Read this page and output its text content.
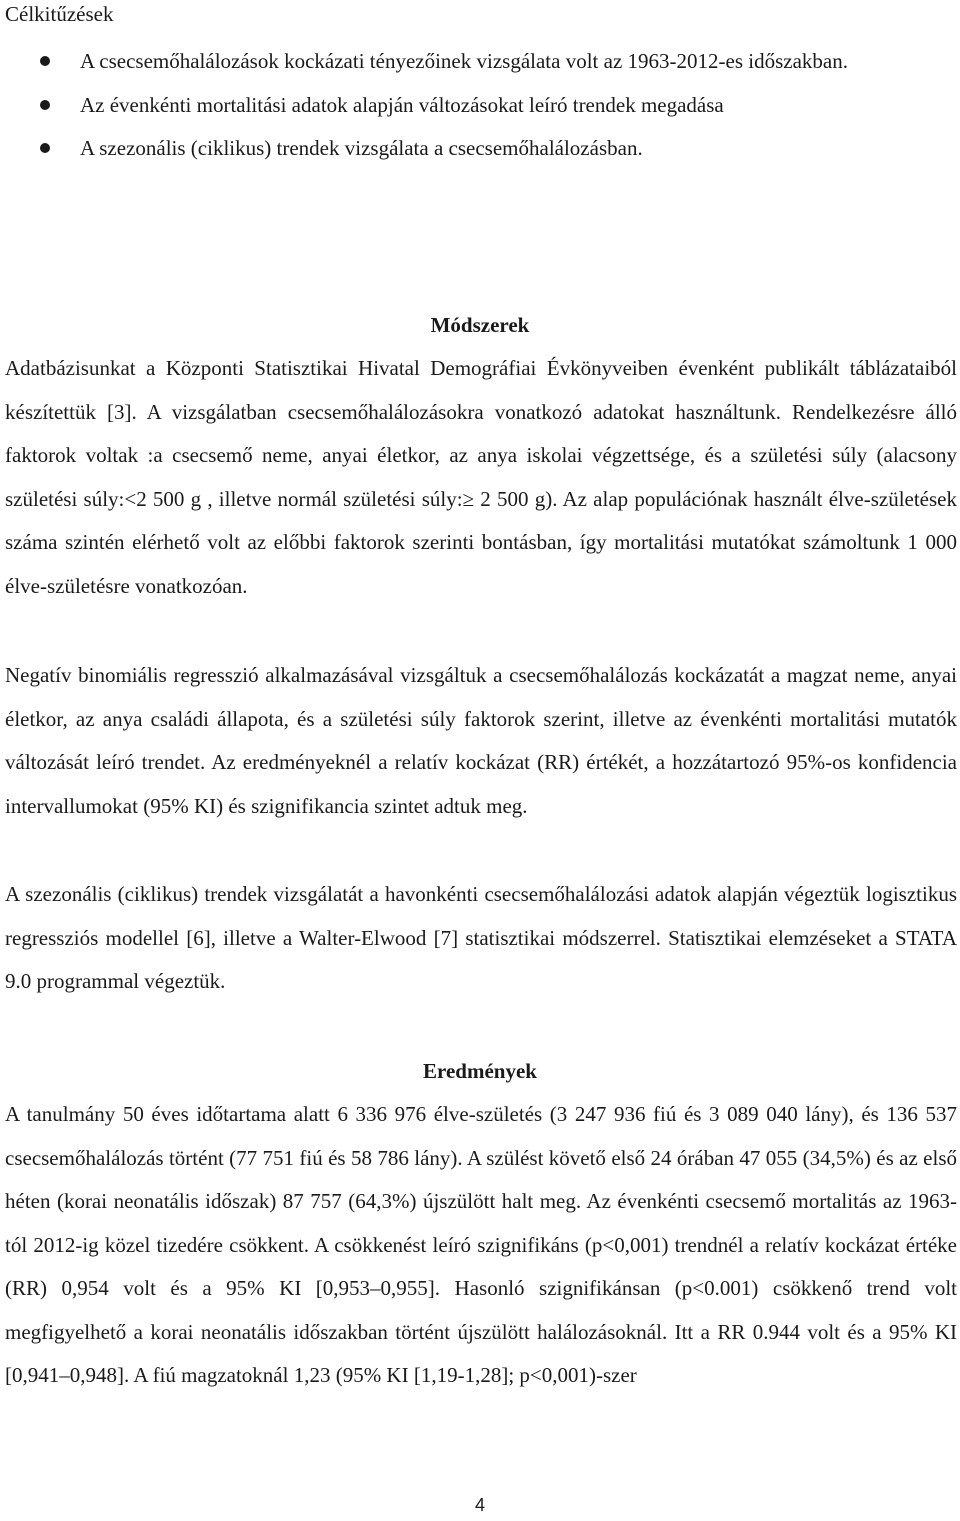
Célkitűzések
A csecsemőhalálozások kockázati tényezőinek vizsgálata volt az 1963-2012-es időszakban.
Az évenkénti mortalitási adatok alapján változásokat leíró trendek megadása
A szezonális (ciklikus) trendek vizsgálata a csecsemőhalálozásban.
Módszerek

Adatbázisunkat a Központi Statisztikai Hivatal Demográfiai Évkönyveiben évenként publikált táblázataiból készítettük [3]. A vizsgálatban csecsemőhalálozásokra vonatkozó adatokat használtunk. Rendelkezésre álló faktorok voltak :a csecsemő neme, anyai életkor, az anya iskolai végzettsége, és a születési súly (alacsony születési súly:<2 500 g , illetve normál születési súly:≥ 2 500 g). Az alap populációnak használt élve-születések száma szintén elérhető volt az előbbi faktorok szerinti bontásban, így mortalitási mutatókat számoltunk 1 000 élve-születésre vonatkozóan.

Negatív binomiális regresszió alkalmazásával vizsgáltuk a csecsemőhalálozás kockázatát a magzat neme, anyai életkor, az anya családi állapota, és a születési súly faktorok szerint, illetve az évenkénti mortalitási mutatók változását leíró trendet. Az eredményeknél a relatív kockázat (RR) értékét, a hozzátartozó 95%-os konfidencia intervallumokat (95% KI) és szignifikancia szintet adtuk meg.

A szezonális (ciklikus) trendek vizsgálatát a havonkénti csecsemőhalálozási adatok alapján végeztük logisztikus regressziós modellel [6], illetve a Walter-Elwood [7] statisztikai módszerrel. Statisztikai elemzéseket a STATA 9.0 programmal végeztük.

Eredmények

A tanulmány 50 éves időtartama alatt 6 336 976 élve-születés (3 247 936 fiú és 3 089 040 lány), és 136 537 csecsemőhalálozás történt (77 751 fiú és 58 786 lány). A szülést követő első 24 órában 47 055 (34,5%) és az első héten (korai neonatális időszak) 87 757 (64,3%) újszülött halt meg. Az évenkénti csecsemő mortalitás az 1963-tól 2012-ig közel tizedére csökkent. A csökkenést leíró szignifikáns (p<0,001) trendnél a relatív kockázat értéke (RR) 0,954 volt és a 95% KI [0,953–0,955]. Hasonló szignifikánsan (p<0.001) csökkenő trend volt megfigyelhető a korai neonatális időszakban történt újszülött halálozásoknál. Itt a RR 0.944 volt és a 95% KI [0,941–0,948]. A fiú magzatoknál 1,23 (95% KI [1,19-1,28]; p<0,001)-szer

4
